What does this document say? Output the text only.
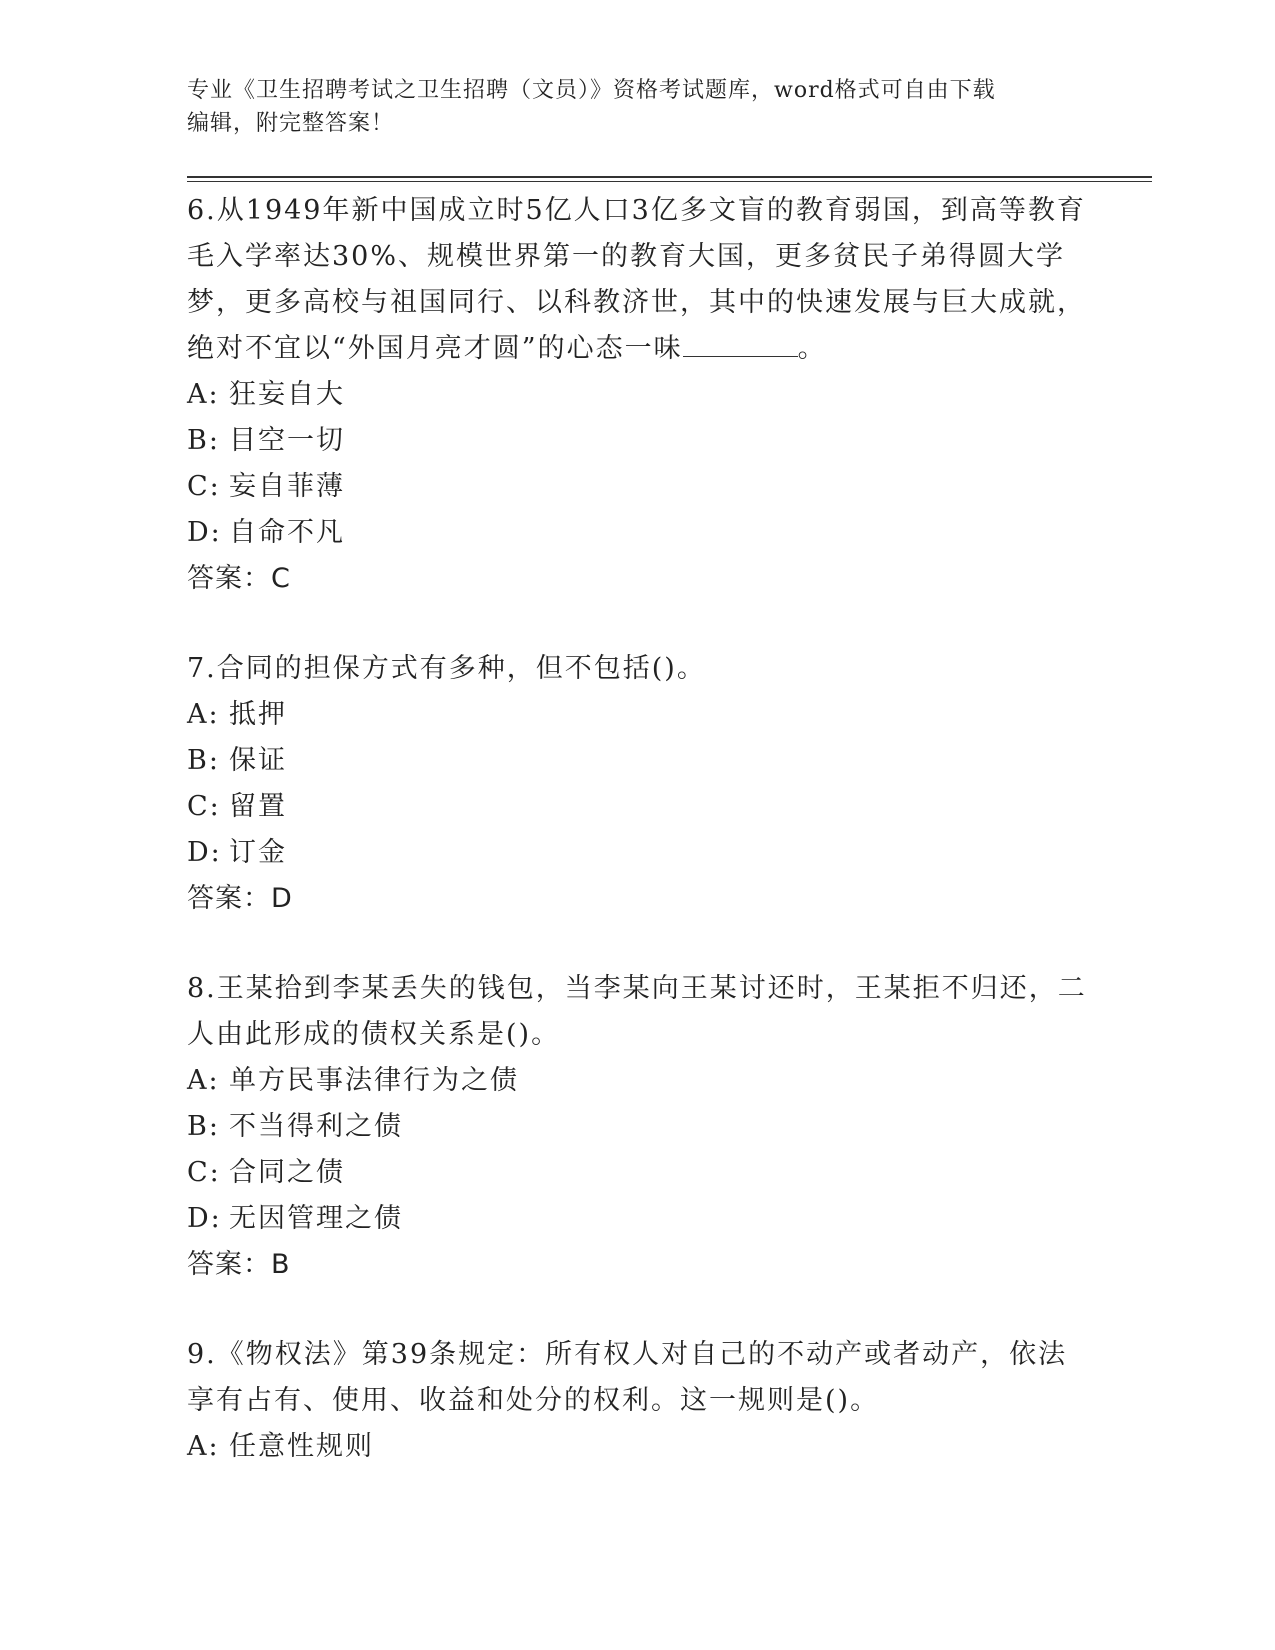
专业《卫生招聘考试之卫生招聘（文员）》资格考试题库，word格式可自由下载
编辑，附完整答案！
6.从1949年新中国成立时5亿人口3亿多文盲的教育弱国，到高等教育毛入学率达30%、规模世界第一的教育大国，更多贫民子弟得圆大学梦，更多高校与祖国同行、以科教济世，其中的快速发展与巨大成就，绝对不宜以“外国月亮才圆”的心态一味	。
A: 狂妄自大
B: 目空一切
C: 妄自菲薄
D: 自命不凡
答案：C
7.合同的担保方式有多种，但不包括()。
A: 抵押
B: 保证
C: 留置
D: 订金
答案：D
8.王某拾到李某丢失的钱包，当李某向王某讨还时，王某拒不归还，二人由此形成的债权关系是()。
A: 单方民事法律行为之债
B: 不当得利之债
C: 合同之债
D: 无因管理之债
答案：B
9.《物权法》第39条规定：所有权人对自己的不动产或者动产，依法享有占有、使用、收益和处分的权利。这一规则是()。
A: 任意性规则
